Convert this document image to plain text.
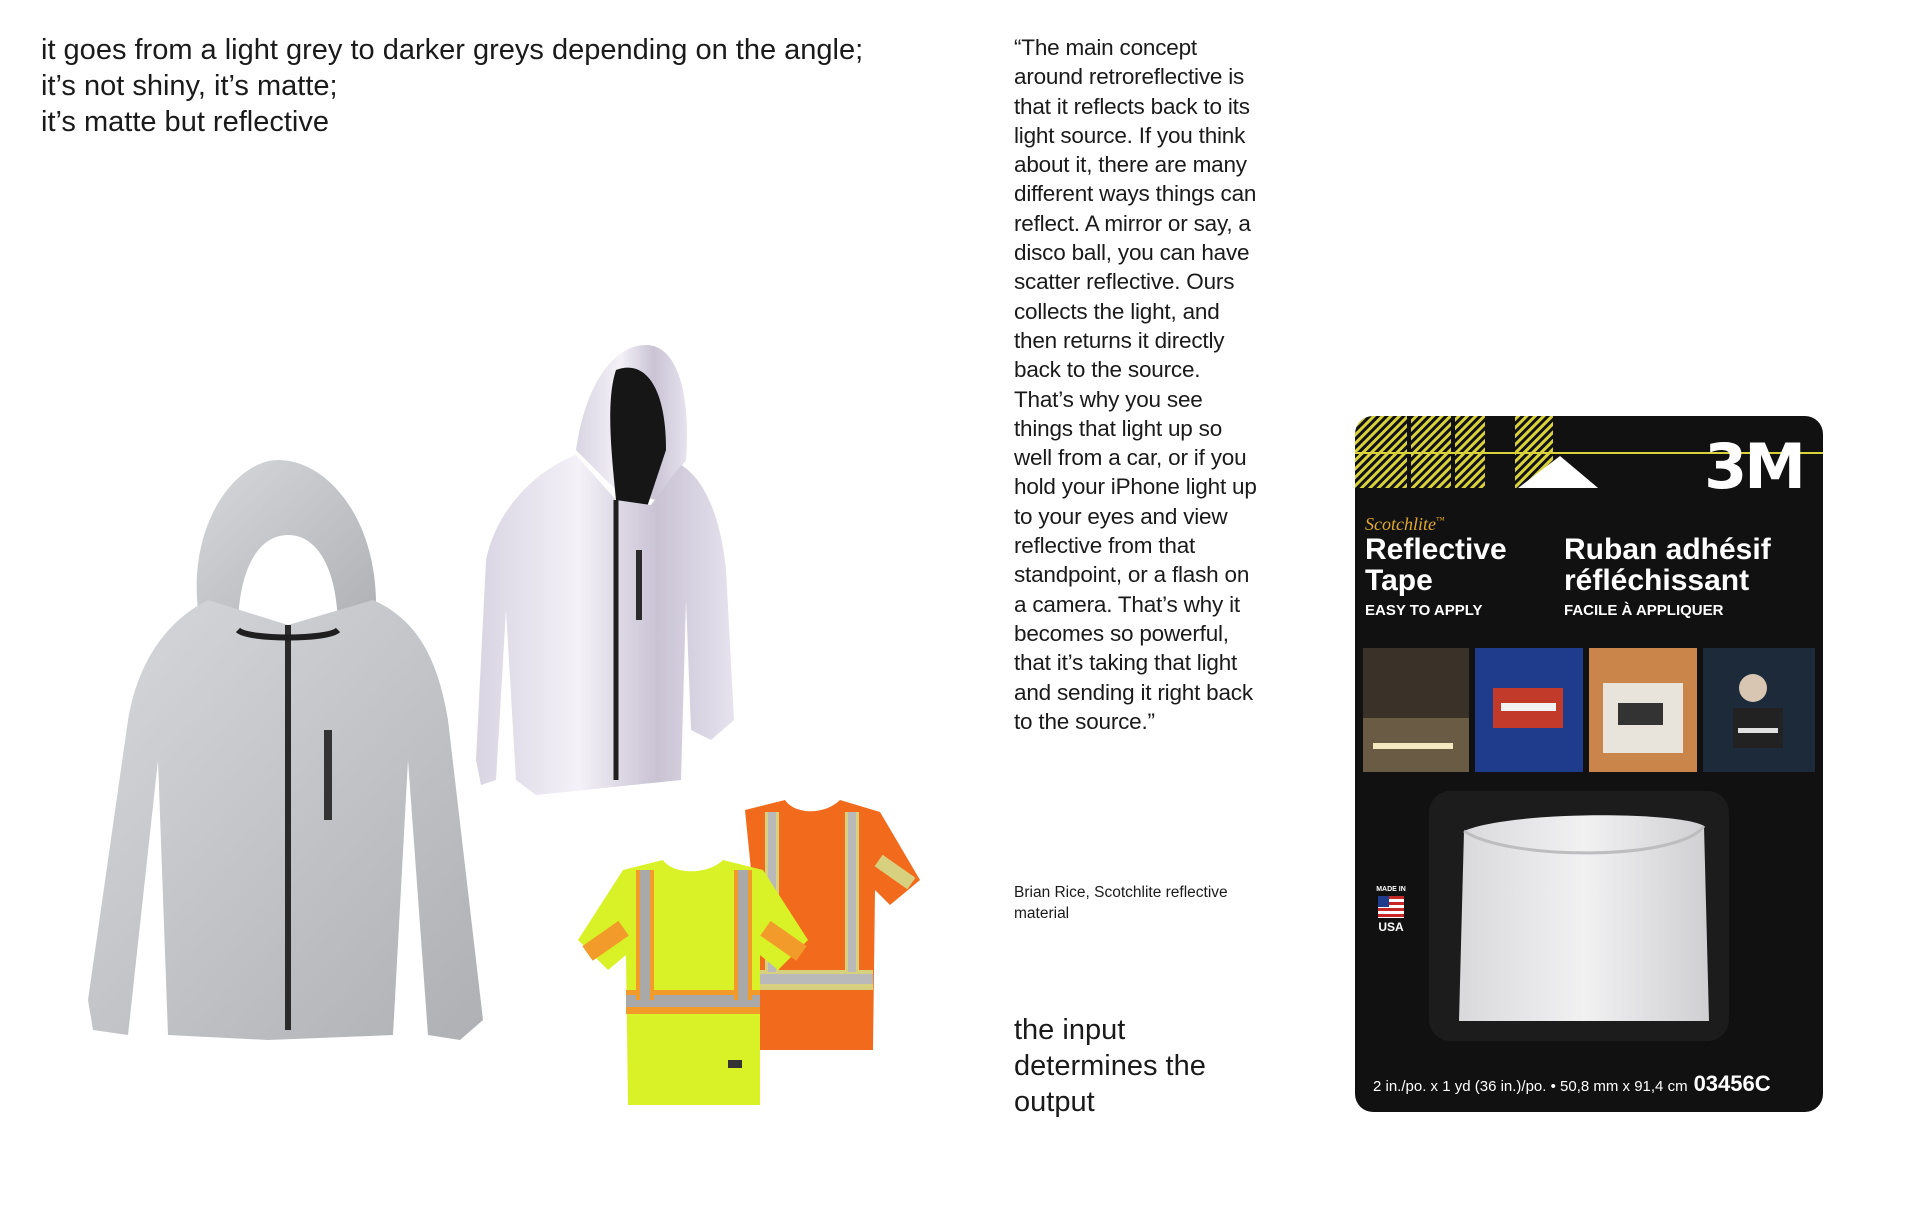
it goes from a light grey to darker greys depending on the angle;
it’s not shiny, it’s matte;
it’s matte but reflective
“The main concept around retroreflective is that it reflects back to its light source. If you think about it, there are many different ways things can reflect. A mirror or say, a disco ball, you can have scatter reflective. Ours collects the light, and then returns it directly back to the source. That’s why you see things that light up so well from a car, or if you hold your iPhone light up to your eyes and view reflective from that standpoint, or a flash on a camera. That’s why it becomes so powerful, that it’s taking that light and sending it right back to the source.”
Brian Rice, Scotchlite reflective material
the input determines the output
3M
Scotchlite™
Reflective Tape
Ruban adhésif réfléchissant
EASY TO APPLY	FACILE À APPLIQUER
MADE IN
USA
2 in./po. x 1 yd (36 in.)/po. • 50,8 mm x 91,4 cm 03456C
